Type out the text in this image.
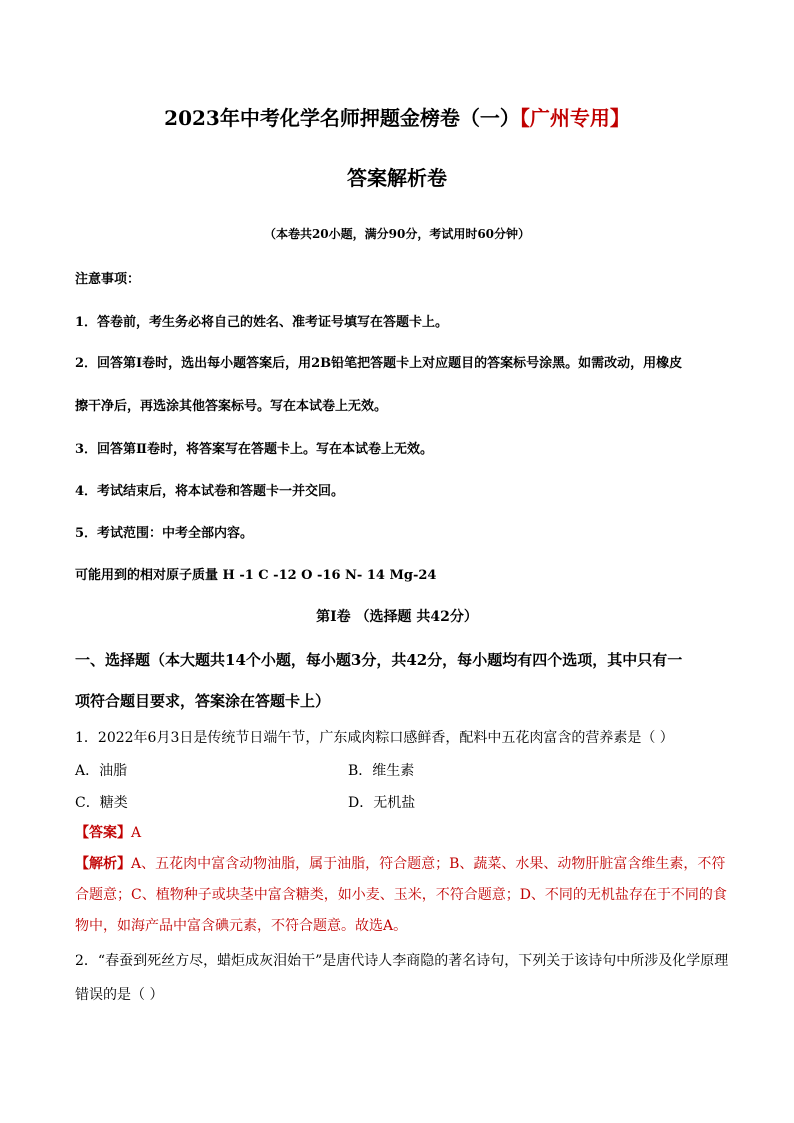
2023年中考化学名师押题金榜卷（一）【广州专用】
答案解析卷
（本卷共20小题，满分90分，考试用时60分钟）
注意事项：
1．答卷前，考生务必将自己的姓名、准考证号填写在答题卡上。
2．回答第Ⅰ卷时，选出每小题答案后，用2B铅笔把答题卡上对应题目的答案标号涂黑。如需改动，用橡皮
擦干净后，再选涂其他答案标号。写在本试卷上无效。
3．回答第Ⅱ卷时，将答案写在答题卡上。写在本试卷上无效。
4．考试结束后，将本试卷和答题卡一并交回。
5．考试范围：中考全部内容。
可能用到的相对原子质量 H -1 C -12 O -16 N- 14 Mg-24
第Ⅰ卷 （选择题 共42分）
一、选择题（本大题共14个小题，每小题3分，共42分，每小题均有四个选项，其中只有一
项符合题目要求，答案涂在答题卡上）
1．2022年6月3日是传统节日端午节，广东咸肉粽口感鲜香，配料中五花肉富含的营养素是（ ）
A．油脂	B．维生素
C．糖类	D．无机盐
【答案】A
【解析】A、五花肉中富含动物油脂，属于油脂，符合题意；B、蔬菜、水果、动物肝脏富含维生素，不符
合题意；C、植物种子或块茎中富含糖类，如小麦、玉米，不符合题意；D、不同的无机盐存在于不同的食
物中，如海产品中富含碘元素，不符合题意。故选A。
2．“春蚕到死丝方尽，蜡炬成灰泪始干”是唐代诗人李商隐的著名诗句，下列关于该诗句中所涉及化学原理
错误的是（ ）
